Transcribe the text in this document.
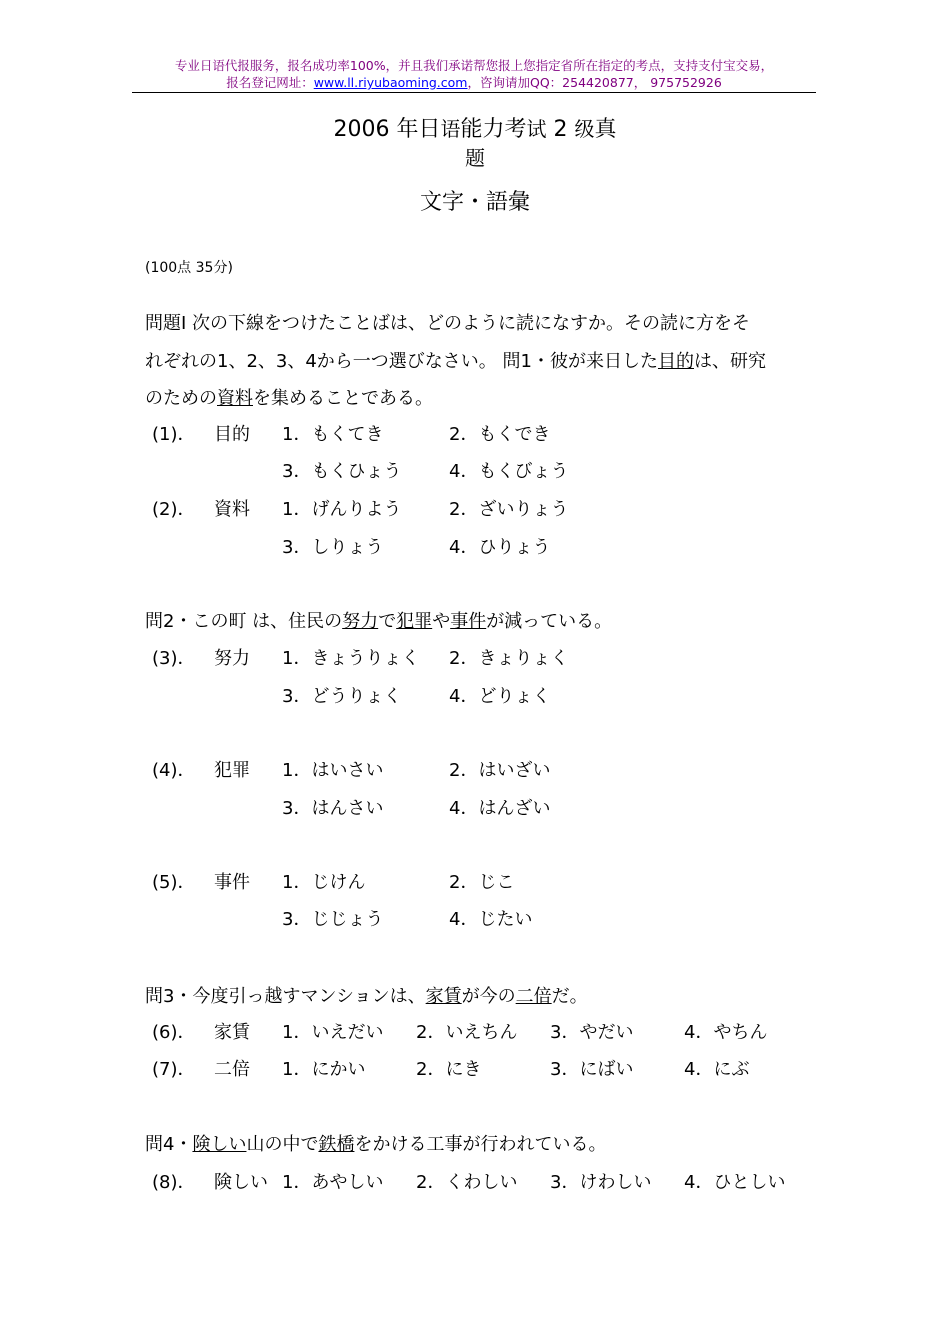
专业日语代报服务，报名成功率100%，并且我们承诺帮您报上您指定省所在指定的考点，支持支付宝交易，
报名登记网址：www.ll.riyubaoming.com，咨询请加QQ：254420877， 975752926
2006 年日语能力考试 2 级真
题
文字・語彙
(100点 35分)
問題Ⅰ 次の下線をつけたことばは、どのように読になすか。その読に方をそ
れぞれの1、2、3、4から一つ選びなさい。 問1・彼が来日した目的は、研究
のための資料を集めることである。
(1)． 目的 1．もくてき	2．もくでき
3．もくひょう	4．もくびょう
(2)． 資料 1．げんりよう	2．ざいりょう
3．しりょう	4．ひりょう
問2・この町 は、住民の努力で犯罪や事件が減っている。
(3)． 努力 1．きょうりょく 2．きょりょく
3．どうりょく	4．どりょく
(4)． 犯罪 1．はいさい	2．はいざい
3．はんさい	4．はんざい
(5)． 事件 1．じけん	2．じこ
3．じじょう	4．じたい
問3・今度引っ越すマンションは、家賃が今の二倍だ。
(6)． 家賃 1．いえだい 2．いえちん 3．やだい	4．やちん
(7)． 二倍 1．にかい	2．にき	3．にばい	4．にぶ
問4・険しい山の中で鉄橋をかける工事が行われている。
(8)． 険しい 1．あやしい 2．くわしい 3．けわしい 4．ひとしい
